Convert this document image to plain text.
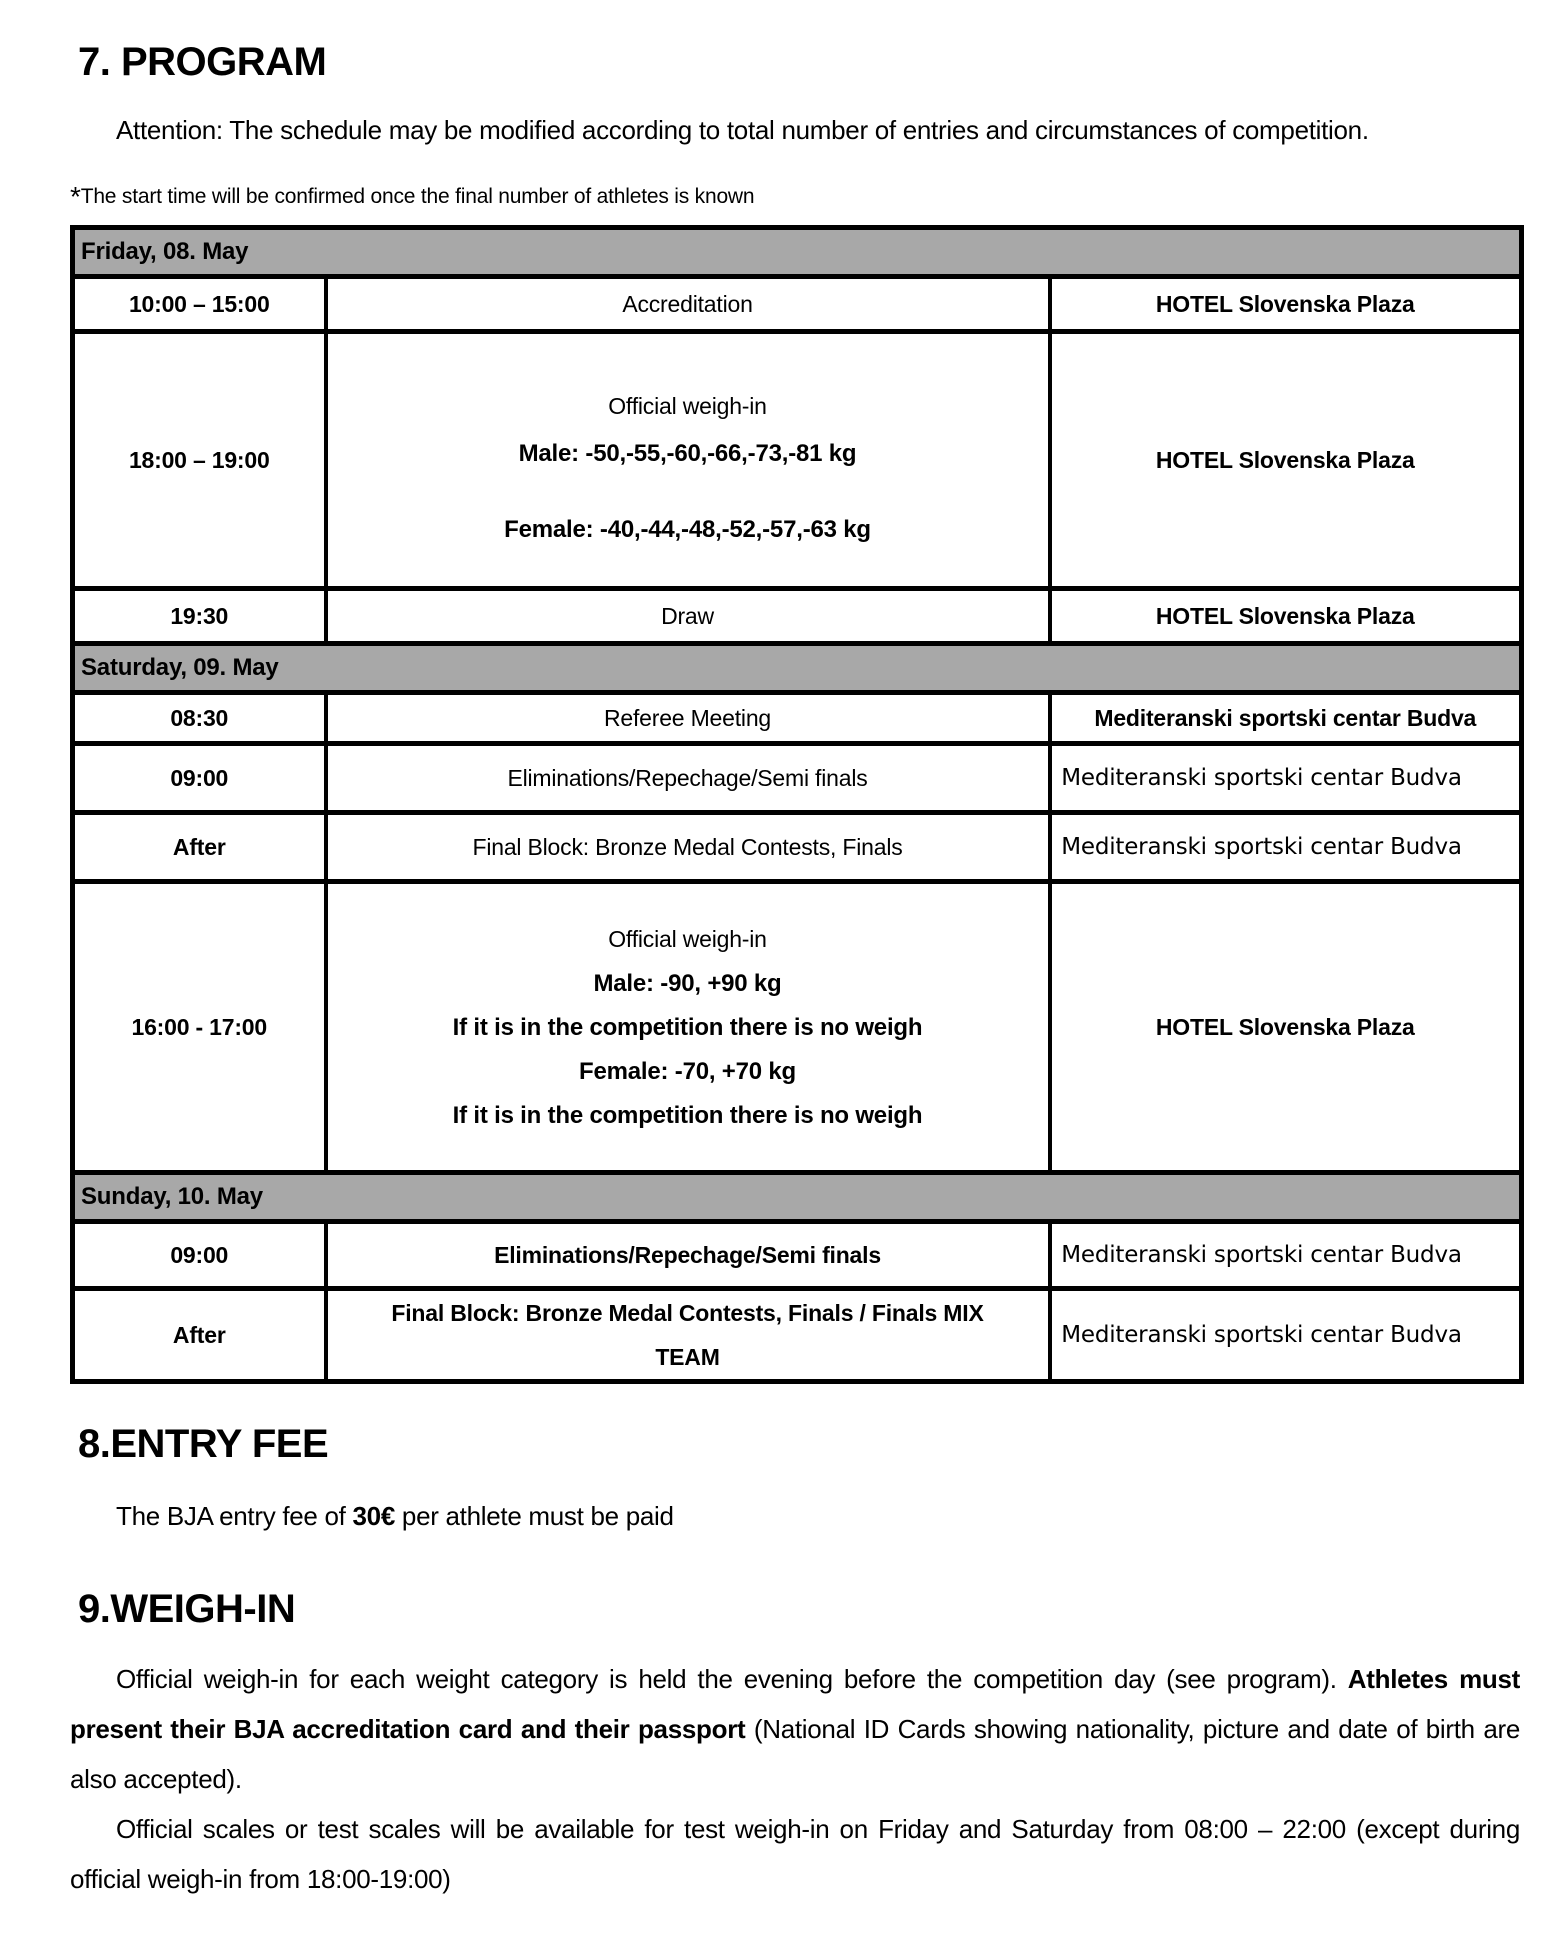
7. PROGRAM

Attention: The schedule may be modified according to total number of entries and circumstances of competition.

*The start time will be confirmed once the final number of athletes is known

Friday, 08. May		
10:00 – 15:00	Accreditation	HOTEL Slovenska Plaza
18:00 – 19:00	Official weigh-in
Male: -50,-55,-60,-66,-73,-81 kg
Female: -40,-44,-48,-52,-57,-63 kg	HOTEL Slovenska Plaza
19:30	Draw	HOTEL Slovenska Plaza
Saturday, 09. May		
08:30	Referee Meeting	Mediteranski sportski centar Budva
09:00	Eliminations/Repechage/Semi finals	Mediteranski sportski centar Budva

After	Final Block: Bronze Medal Contests, Finals	Mediteranski sportski centar Budva

16:00 - 17:00	Official weigh-in
Male: -90, +90 kg
If it is in the competition there is no weigh
Female: -70, +70 kg
If it is in the competition there is no weigh	HOTEL Slovenska Plaza
Sunday, 10. May		
09:00	Eliminations/Repechage/Semi finals	Mediteranski sportski centar Budva

After	Final Block: Bronze Medal Contests, Finals / Finals MIX
TEAM	Mediteranski sportski centar Budva
8.ENTRY FEE

The BJA entry fee of 30€ per athlete must be paid

9.WEIGH-IN

Official weigh-in for each weight category is held the evening before the competition day (see program). Athletes must present their BJA accreditation card and their passport (National ID Cards showing nationality, picture and date of birth are also accepted).

Official scales or test scales will be available for test weigh-in on Friday and Saturday from 08:00 – 22:00 (except during official weigh-in from 18:00-19:00)
